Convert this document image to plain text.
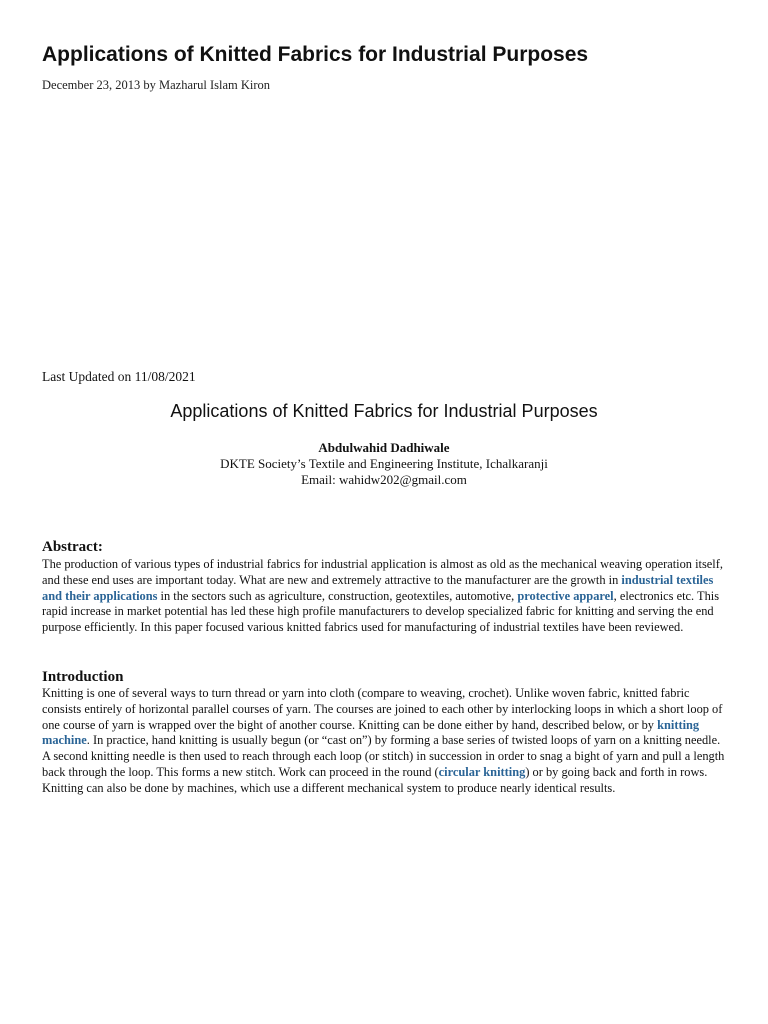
Applications of Knitted Fabrics for Industrial Purposes
December 23, 2013 by Mazharul Islam Kiron
Last Updated on 11/08/2021
Applications of Knitted Fabrics for Industrial Purposes
Abdulwahid Dadhiwale
DKTE Society’s Textile and Engineering Institute, Ichalkaranji
Email: wahidw202@gmail.com
Abstract:

The production of various types of industrial fabrics for industrial application is almost as old as the mechanical weaving operation itself, and these end uses are important today. What are new and extremely attractive to the manufacturer are the growth in industrial textiles and their applications in the sectors such as agriculture, construction, geotextiles, automotive, protective apparel, electronics etc. This rapid increase in market potential has led these high profile manufacturers to develop specialized fabric for knitting and serving the end purpose efficiently. In this paper focused various knitted fabrics used for manufacturing of industrial textiles have been reviewed.

Introduction

Knitting is one of several ways to turn thread or yarn into cloth (compare to weaving, crochet). Unlike woven fabric, knitted fabric consists entirely of horizontal parallel courses of yarn. The courses are joined to each other by interlocking loops in which a short loop of one course of yarn is wrapped over the bight of another course. Knitting can be done either by hand, described below, or by knitting machine. In practice, hand knitting is usually begun (or “cast on”) by forming a base series of twisted loops of yarn on a knitting needle. A second knitting needle is then used to reach through each loop (or stitch) in succession in order to snag a bight of yarn and pull a length back through the loop. This forms a new stitch. Work can proceed in the round (circular knitting) or by going back and forth in rows. Knitting can also be done by machines, which use a different mechanical system to produce nearly identical results.
